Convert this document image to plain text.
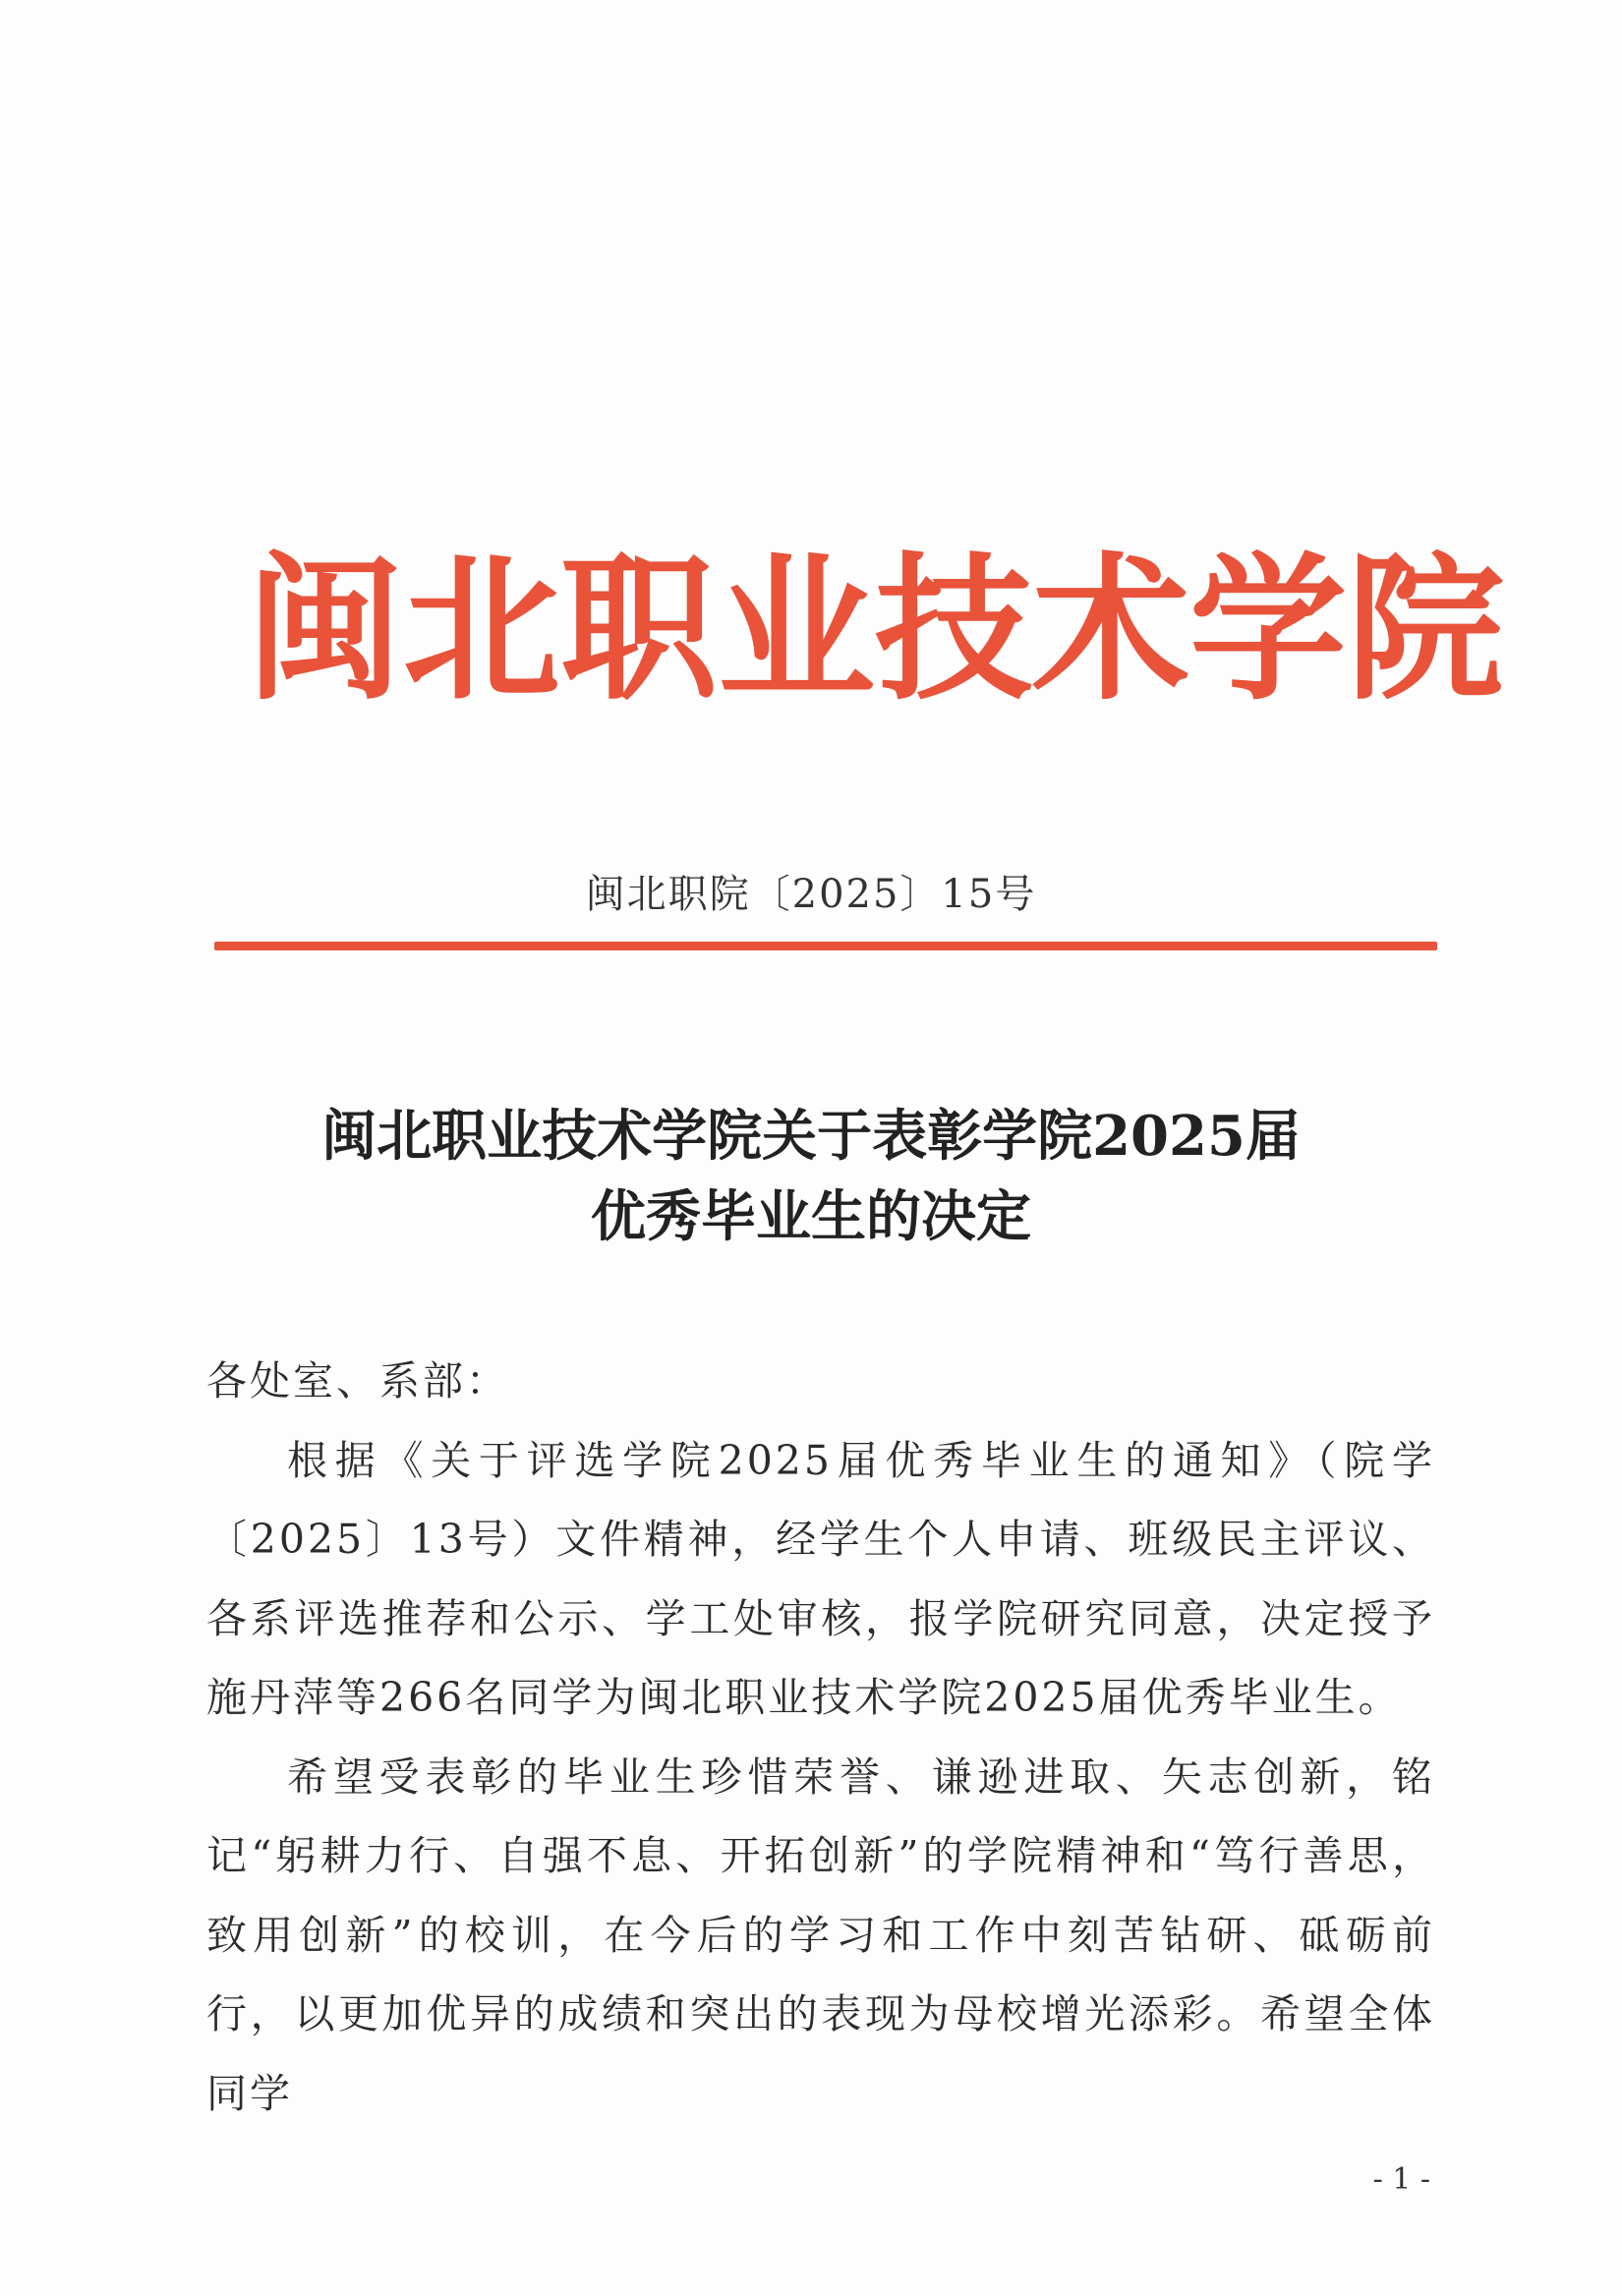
闽北职业技术学院
闽北职院〔2025〕15号
闽北职业技术学院关于表彰学院2025届
优秀毕业生的决定

各处室、系部：

根据《关于评选学院2025届优秀毕业生的通知》（院学〔2025〕13号）文件精神，经学生个人申请、班级民主评议、各系评选推荐和公示、学工处审核，报学院研究同意，决定授予施丹萍等266名同学为闽北职业技术学院2025届优秀毕业生。

希望受表彰的毕业生珍惜荣誉、谦逊进取、矢志创新，铭记“躬耕力行、自强不息、开拓创新”的学院精神和“笃行善思，致用创新”的校训，在今后的学习和工作中刻苦钻研、砥砺前行，以更加优异的成绩和突出的表现为母校增光添彩。希望全体同学

- 1 -
